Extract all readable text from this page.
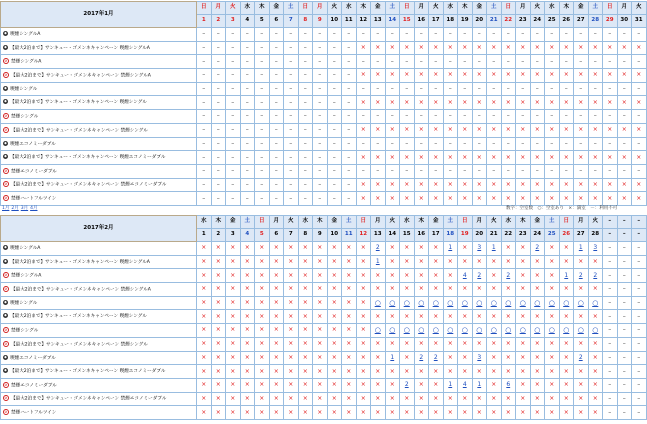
2017年1月	日	月	火	水	木	金	土	日	月	火	水	木	金	土	日	月	火	水	木	金	土	日	月	火	水	木	金	土	日	月	火
	1	2	3	4	5	6	7	8	9	10	11	12	13	14	15	16	17	18	19	20	21	22	23	24	25	26	27	28	29	30	31
◆ 喫煙シングルA	–	–	–	–	–	–	–	–	–	–	–	–	–	–	–	–	–	–	–	–	–	–	–	–	–	–	–	–	–	–	–
◆ 【最大2泊まで】サンキュー・ゴメンネキャンペーン 喫煙シングルA	–	–	–	–	–	–	–	–	–	–	–	×	×	×	×	×	×	×	×	×	×	×	×	×	×	×	×	×	×	×	×
⊘ 禁煙シングルA	–	–	–	–	–	–	–	–	–	–	–	–	–	–	–	–	–	–	–	–	–	–	–	–	–	–	–	–	–	–	–
⊘ 【最大2泊まで】サンキュー・ゴメンネキャンペーン 禁煙シングルA	–	–	–	–	–	–	–	–	–	–	–	×	×	×	×	×	×	×	×	×	×	×	×	×	×	×	×	×	×	×	×
◆ 喫煙シングル	–	–	–	–	–	–	–	–	–	–	–	–	–	–	–	–	–	–	–	–	–	–	–	–	–	–	–	–	–	–	–
◆ 【最大2泊まで】サンキュー・ゴメンネキャンペーン 喫煙シングル	–	–	–	–	–	–	–	–	–	–	–	×	×	×	×	×	×	×	×	×	×	×	×	×	×	×	×	×	×	×	×
⊘ 禁煙シングル	–	–	–	–	–	–	–	–	–	–	–	–	–	–	–	–	–	–	–	–	–	–	–	–	–	–	–	–	–	–	–
⊘ 【最大2泊まで】サンキュー・ゴメンネキャンペーン 禁煙シングル	–	–	–	–	–	–	–	–	–	–	–	×	×	×	×	×	×	×	×	×	×	×	×	×	×	×	×	×	×	×	×
◆ 喫煙エコノミーダブル	–	–	–	–	–	–	–	–	–	–	–	–	–	–	–	–	–	–	–	–	–	–	–	–	–	–	–	–	–	–	–
◆ 【最大2泊まで】サンキュー・ゴメンネキャンペーン 喫煙エコノミーダブル	–	–	–	–	–	–	–	–	–	–	–	×	×	×	×	×	×	×	×	×	×	×	×	×	×	×	×	×	×	×	×
⊘ 禁煙エコノミーダブル	–	–	–	–	–	–	–	–	–	–	–	–	–	–	–	–	–	–	–	–	–	–	–	–	–	–	–	–	–	–	–
⊘ 【最大2泊まで】サンキュー・ゴメンネキャンペーン 禁煙エコノミーダブル	–	–	–	–	–	–	–	–	–	–	–	×	×	×	×	×	×	×	×	×	×	×	×	×	×	×	×	×	×	×	×
⊘ 禁煙ハートフルツイン	–	–	–	–	–	–	–	–	–	–	–	×	×	×	×	×	×	×	×	×	×	×	×	×	×	×	×	×	×	×	×
1月 2月 3月 4月	数字：空室数　○：空室あり　×：満室　－：利用不可
2017年2月	水	木	金	土	日	月	火	水	木	金	土	日	月	火	水	木	金	土	日	月	火	水	木	金	土	日	月	火	–	–	–
	1	2	3	4	5	6	7	8	9	10	11	12	13	14	15	16	17	18	19	20	21	22	23	24	25	26	27	28	–	–	–
◆ 喫煙シングルA	×	×	×	×	×	×	×	×	×	×	×	×	2	×	×	×	×	1	×	3	1	×	×	2	×	×	1	3	–	–	–
◆ 【最大2泊まで】サンキュー・ゴメンネキャンペーン 喫煙シングルA	×	×	×	×	×	×	×	×	×	×	×	×	1	×	×	×	×	×	×	×	×	×	×	×	×	×	×	×	–	–	–
⊘ 禁煙シングルA	×	×	×	×	×	×	×	×	×	×	×	×	×	×	×	×	×	×	4	2	×	2	×	×	×	1	2	2	–	–	–
⊘ 【最大2泊まで】サンキュー・ゴメンネキャンペーン 禁煙シングルA	×	×	×	×	×	×	×	×	×	×	×	×	×	×	×	×	×	×	×	×	×	×	×	×	×	×	×	×	–	–	–
◆ 喫煙シングル	×	×	×	×	×	×	×	×	×	×	×	×	○	○	○	○	○	○	○	○	○	○	○	○	○	○	○	○	–	–	–
◆ 【最大2泊まで】サンキュー・ゴメンネキャンペーン 喫煙シングル	×	×	×	×	×	×	×	×	×	×	×	×	×	×	×	×	×	×	×	×	×	×	×	×	×	×	×	×	–	–	–
⊘ 禁煙シングル	×	×	×	×	×	×	×	×	×	×	×	×	○	○	○	○	○	○	○	○	○	○	○	○	○	○	○	○	–	–	–
⊘ 【最大2泊まで】サンキュー・ゴメンネキャンペーン 禁煙シングル	×	×	×	×	×	×	×	×	×	×	×	×	×	×	×	×	×	×	×	×	×	×	×	×	×	×	×	×	–	–	–
◆ 喫煙エコノミーダブル	×	×	×	×	×	×	×	×	×	×	×	×	×	1	×	2	2	×	×	3	×	×	×	×	×	×	2	×	–	–	–
◆ 【最大2泊まで】サンキュー・ゴメンネキャンペーン 喫煙エコノミーダブル	×	×	×	×	×	×	×	×	×	×	×	×	×	×	×	×	×	×	×	×	×	×	×	×	×	×	×	×	–	–	–
⊘ 禁煙エコノミーダブル	×	×	×	×	×	×	×	×	×	×	×	×	×	×	2	×	×	1	4	1	×	6	×	×	×	×	×	×	–	–	–
⊘ 【最大2泊まで】サンキュー・ゴメンネキャンペーン 禁煙エコノミーダブル	×	×	×	×	×	×	×	×	×	×	×	×	×	×	×	×	×	×	×	×	×	×	×	×	×	×	×	×	–	–	–
⊘ 禁煙ハートフルツイン	×	×	×	×	×	×	×	×	×	×	×	×	×	×	×	×	×	×	×	×	×	×	×	×	×	×	×	×	–	–	–
